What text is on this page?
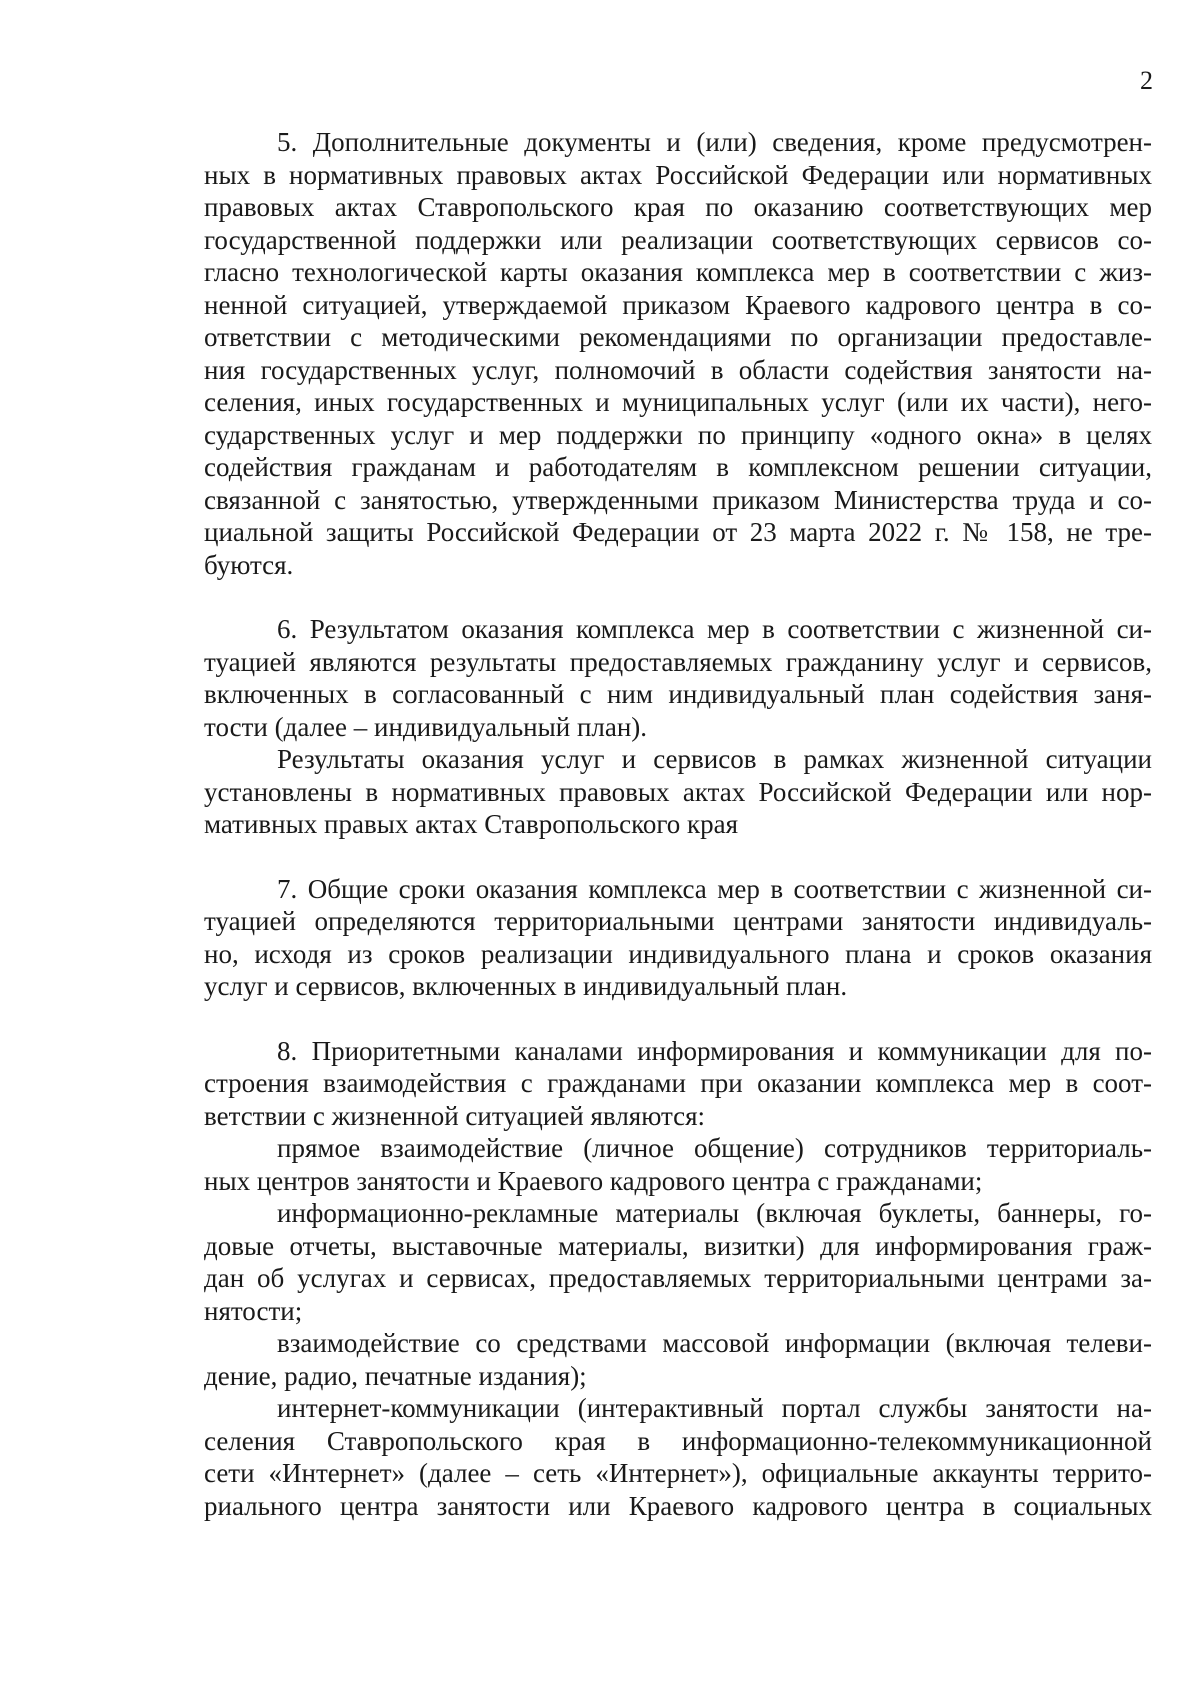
2
5. Дополнительные документы и (или) сведения, кроме предусмотрен-
ных в нормативных правовых актах Российской Федерации или нормативных
правовых актах Ставропольского края по оказанию соответствующих мер
государственной поддержки или реализации соответствующих сервисов со-
гласно технологической карты оказания комплекса мер в соответствии с жиз-
ненной ситуацией, утверждаемой приказом Краевого кадрового центра в со-
ответствии с методическими рекомендациями по организации предоставле-
ния государственных услуг, полномочий в области содействия занятости на-
селения, иных государственных и муниципальных услуг (или их части), него-
сударственных услуг и мер поддержки по принципу «одного окна» в целях
содействия гражданам и работодателям в комплексном решении ситуации,
связанной с занятостью, утвержденными приказом Министерства труда и со-
циальной защиты Российской Федерации от 23 марта 2022 г. № 158, не тре-
буются.
6. Результатом оказания комплекса мер в соответствии с жизненной си-
туацией являются результаты предоставляемых гражданину услуг и сервисов,
включенных в согласованный с ним индивидуальный план содействия заня-
тости (далее – индивидуальный план).
Результаты оказания услуг и сервисов в рамках жизненной ситуации
установлены в нормативных правовых актах Российской Федерации или нор-
мативных правых актах Ставропольского края
7. Общие сроки оказания комплекса мер в соответствии с жизненной си-
туацией определяются территориальными центрами занятости индивидуаль-
но, исходя из сроков реализации индивидуального плана и сроков оказания
услуг и сервисов, включенных в индивидуальный план.
8. Приоритетными каналами информирования и коммуникации для по-
строения взаимодействия с гражданами при оказании комплекса мер в соот-
ветствии с жизненной ситуацией являются:
прямое взаимодействие (личное общение) сотрудников территориаль-
ных центров занятости и Краевого кадрового центра с гражданами;
информационно-рекламные материалы (включая буклеты, баннеры, го-
довые отчеты, выставочные материалы, визитки) для информирования граж-
дан об услугах и сервисах, предоставляемых территориальными центрами за-
нятости;
взаимодействие со средствами массовой информации (включая телеви-
дение, радио, печатные издания);
интернет-коммуникации (интерактивный портал службы занятости на-
селения Ставропольского края в информационно-телекоммуникационной
сети «Интернет» (далее – сеть «Интернет»), официальные аккаунты террито-
риального центра занятости или Краевого кадрового центра в социальных
